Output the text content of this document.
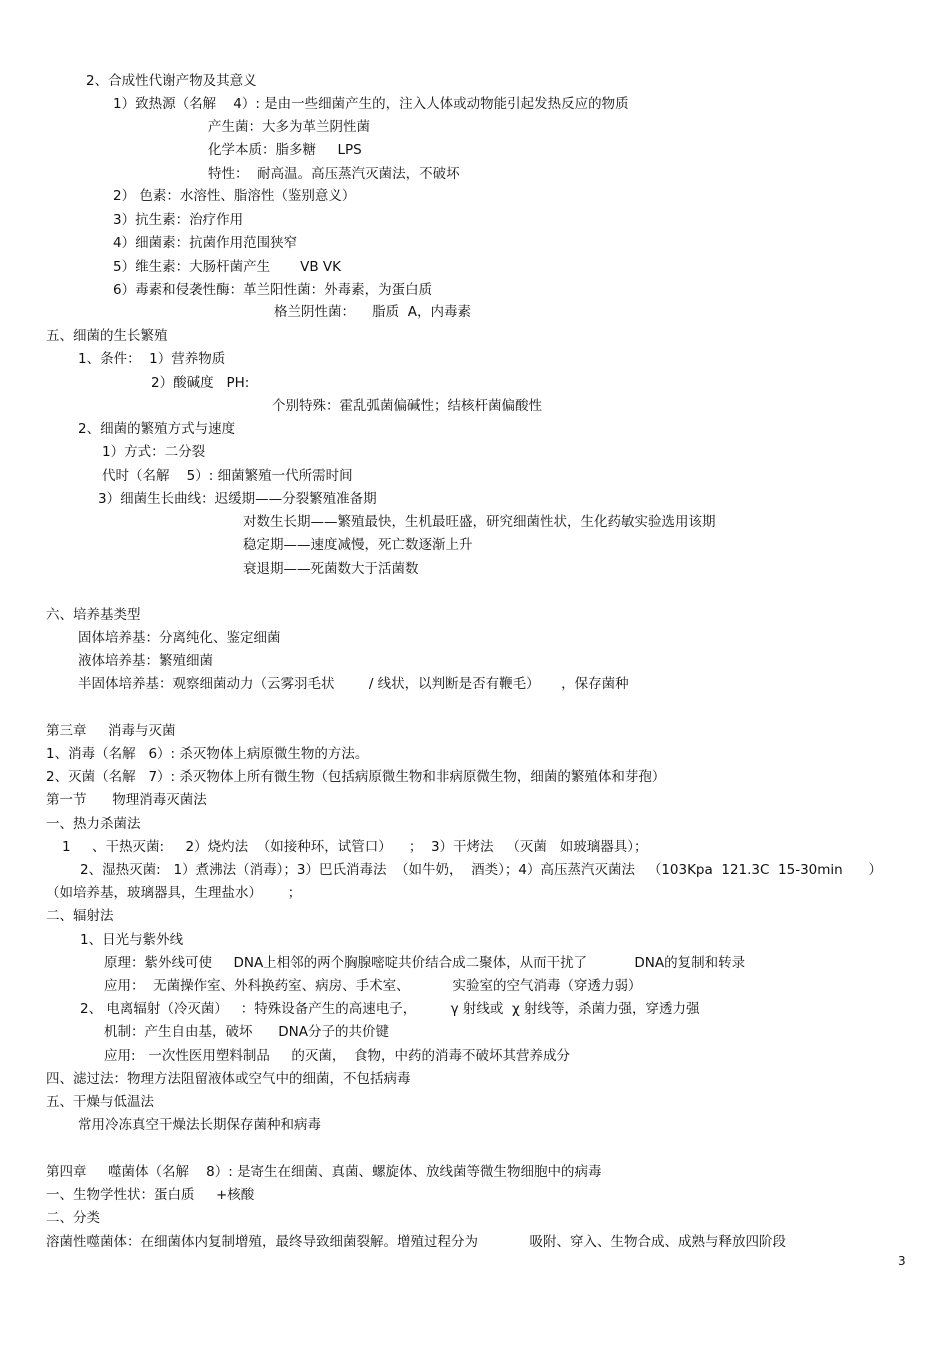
2、合成性代谢产物及其意义

1）致热源（名解    4）: 是由一些细菌产生的，注入人体或动物能引起发热反应的物质

产生菌：大多为革兰阴性菌

化学本质：脂多糖     LPS

特性：  耐高温。高压蒸汽灭菌法，不破坏

2） 色素：水溶性、脂溶性（鉴别意义）

3）抗生素：治疗作用

4）细菌素：抗菌作用范围狭窄

5）维生素：大肠杆菌产生       VB VK

6）毒素和侵袭性酶：革兰阳性菌：外毒素，为蛋白质

格兰阴性菌：    脂质  A，内毒素

五、细菌的生长繁殖

1、条件：  1）营养物质

2）酸碱度   PH:

个别特殊：霍乱弧菌偏碱性；结核杆菌偏酸性

2、细菌的繁殖方式与速度

1）方式：二分裂

代时（名解    5）: 细菌繁殖一代所需时间

3）细菌生长曲线：迟缓期——分裂繁殖准备期

对数生长期——繁殖最快，生机最旺盛，研究细菌性状，生化药敏实验选用该期

稳定期——速度减慢，死亡数逐渐上升

衰退期——死菌数大于活菌数

六、培养基类型

固体培养基：分离纯化、鉴定细菌

液体培养基：繁殖细菌

半固体培养基：观察细菌动力（云雾羽毛状        / 线状，以判断是否有鞭毛）     ，保存菌种

第三章     消毒与灭菌

1、消毒（名解   6）: 杀灭物体上病原微生物的方法。

2、灭菌（名解   7）: 杀灭物体上所有微生物（包括病原微生物和非病原微生物，细菌的繁殖体和芽孢）

第一节      物理消毒灭菌法

一、热力杀菌法

1     、干热灭菌:     2）烧灼法  （如接种环，试管口）    ；  3）干烤法   （灭菌   如玻璃器具）；

2、湿热灭菌:   1）煮沸法（消毒）；3）巴氏消毒法  （如牛奶，  酒类）；4）高压蒸汽灭菌法   （103Kpa  121.3C  15-30min      ）

（如培养基，玻璃器具，生理盐水）      ；

二、辐射法

1、日光与紫外线

原理：紫外线可使     DNA上相邻的两个胸腺嘧啶共价结合成二聚体，从而干扰了           DNA的复制和转录

应用：  无菌操作室、外科换药室、病房、手术室、          实验室的空气消毒（穿透力弱）

2、 电离辐射（冷灭菌）   ：特殊设备产生的高速电子，        γ 射线或  χ 射线等，杀菌力强，穿透力强

机制：产生自由基，破坏      DNA分子的共价键

应用:   一次性医用塑料制品     的灭菌，  食物，中药的消毒不破坏其营养成分

四、滤过法：物理方法阻留液体或空气中的细菌，不包括病毒

五、干燥与低温法

常用冷冻真空干燥法长期保存菌种和病毒

第四章     噬菌体（名解    8）: 是寄生在细菌、真菌、螺旋体、放线菌等微生物细胞中的病毒

一、生物学性状：蛋白质     +核酸

二、分类

溶菌性噬菌体：在细菌体内复制增殖，最终导致细菌裂解。增殖过程分为            吸附、穿入、生物合成、成熟与释放四阶段

3
